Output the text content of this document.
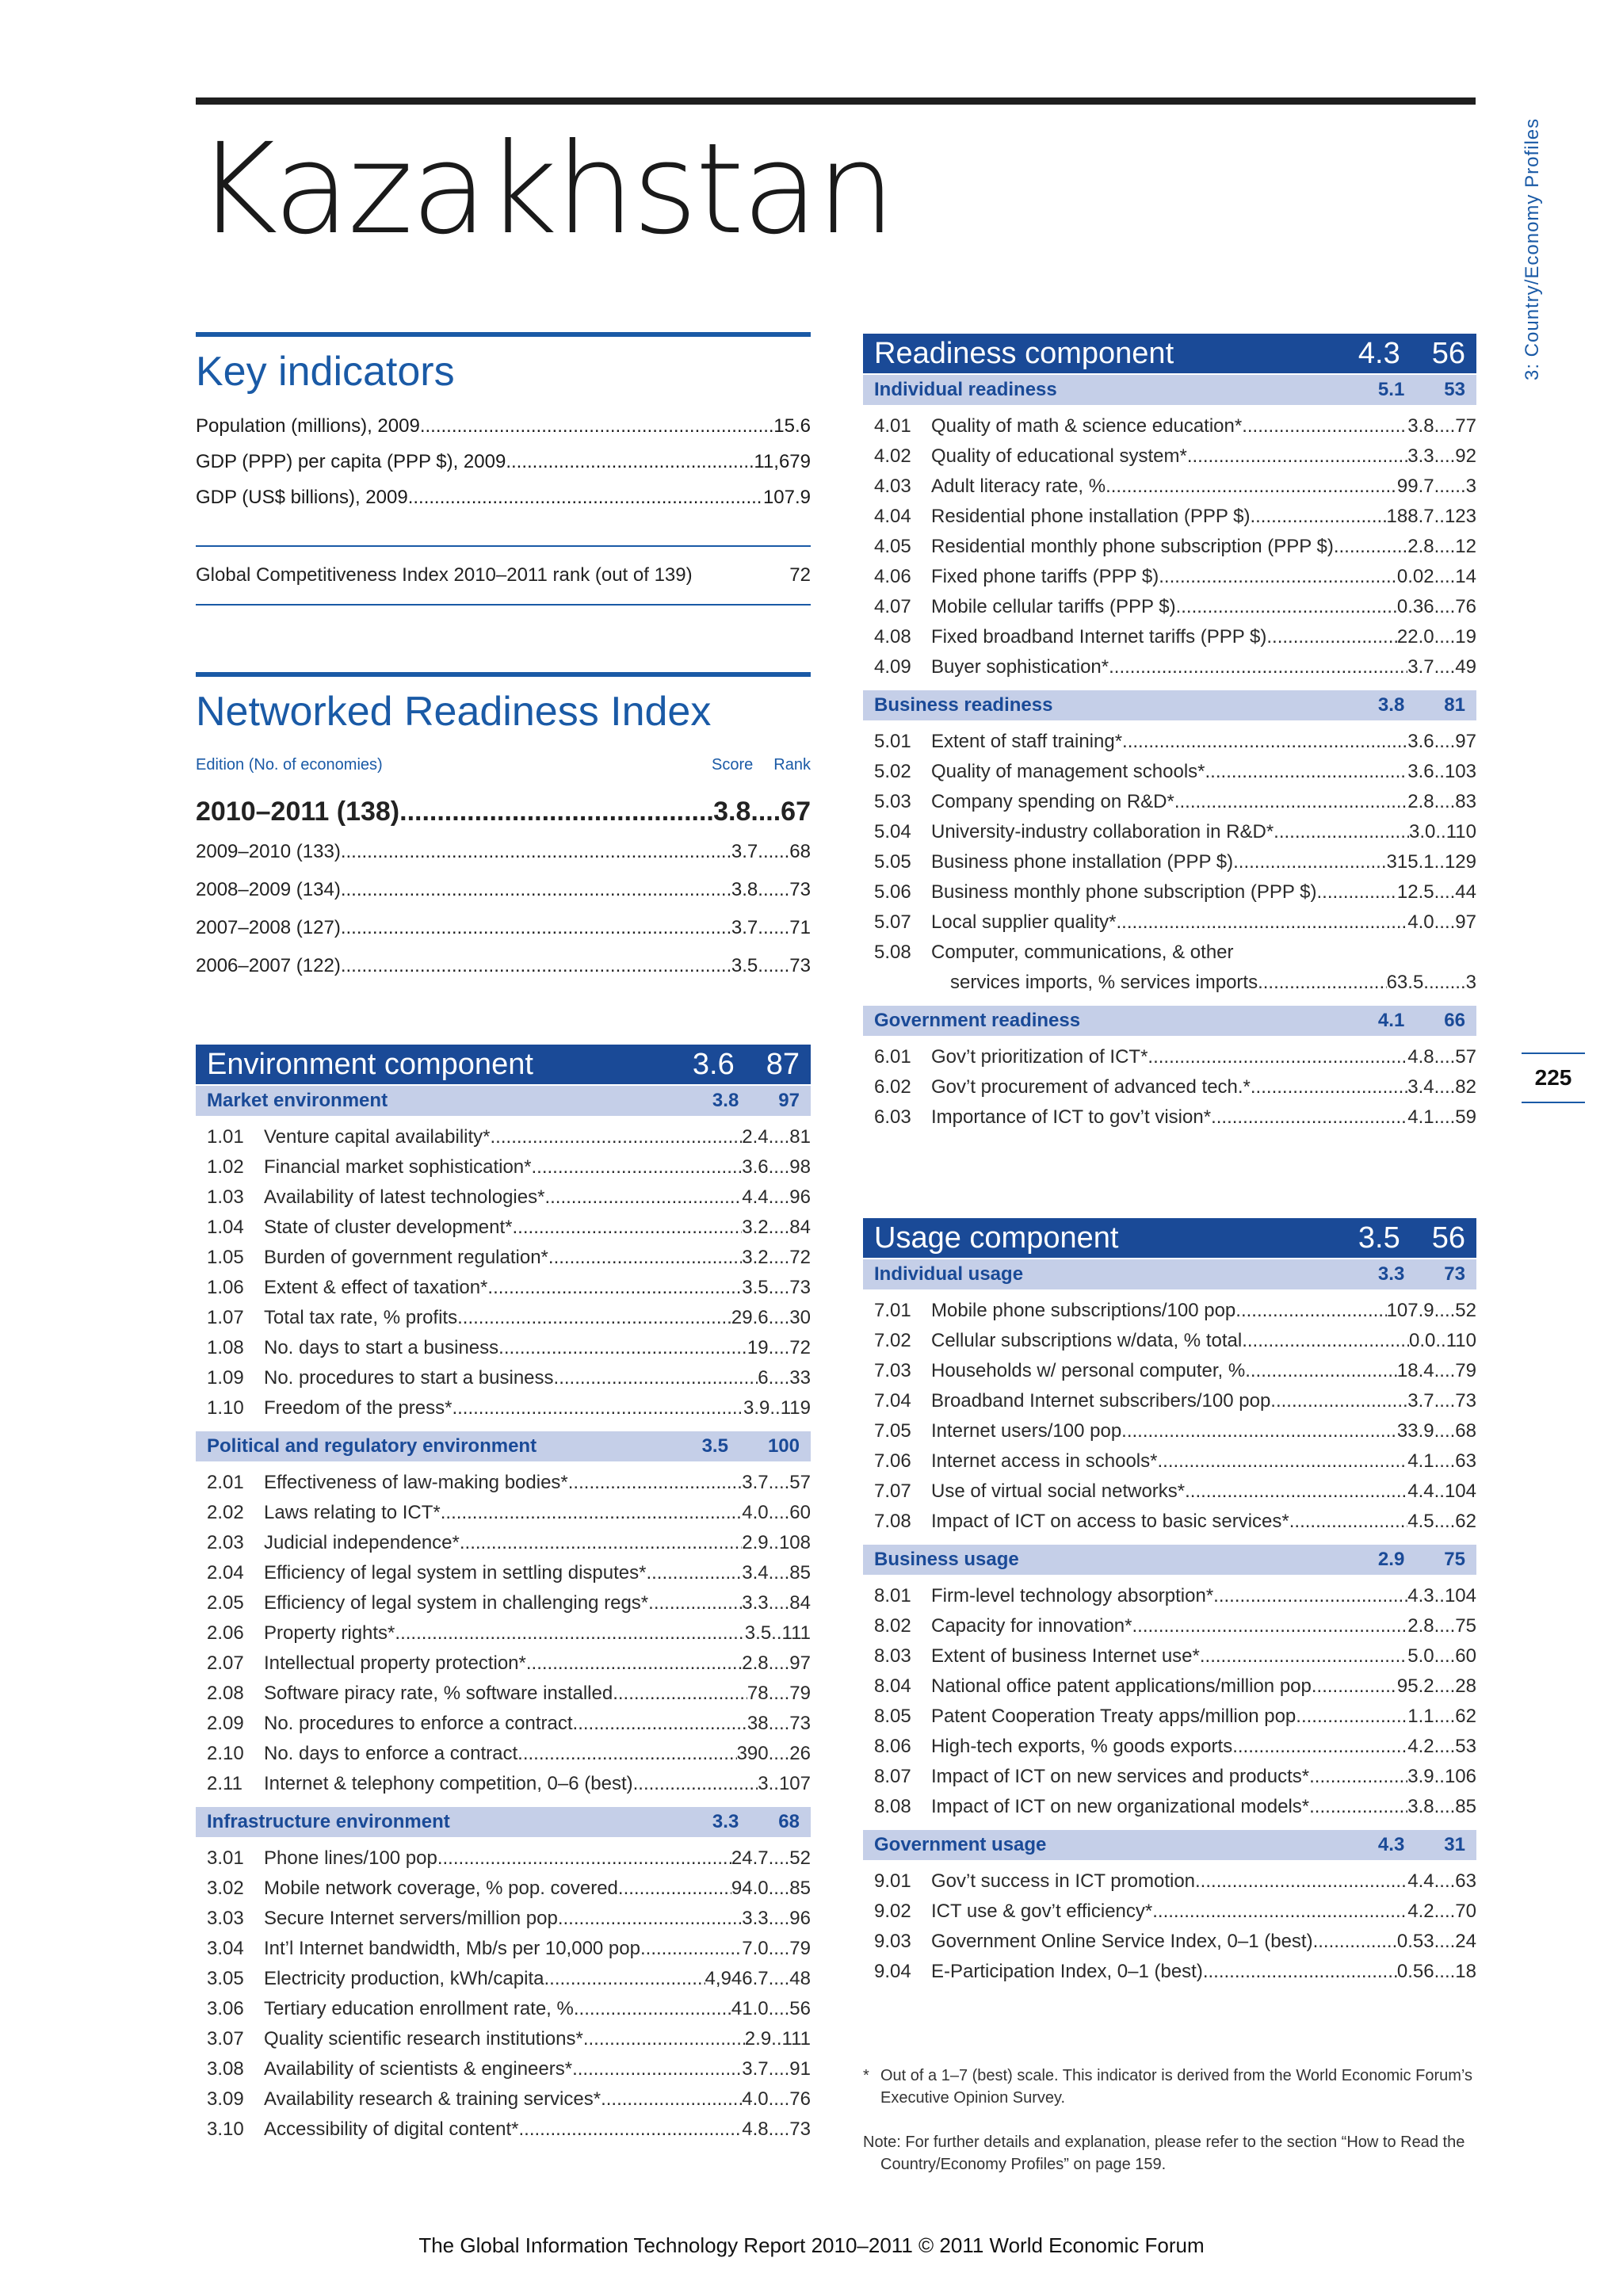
Kazakhstan	3: Country/Economy Profiles
225
Key indicators
Population (millions), 2009 .....	15.6
GDP (PPP) per capita (PPP $), 2009 .....	11,679
GDP (US$ billions), 2009 .....	107.9
Global Competitiveness Index 2010–2011 rank (out of 139)	72
Networked Readiness Index
Edition (No. of economies)	Score Rank
2010–2011 (138) .....	3.8 .... 67
2009–2010 (133) .....	3.7 ...... 68
2008–2009 (134) .....	3.8 ...... 73
2007–2008 (127) .....	3.7 ...... 71
2006–2007 (122) .....	3.5 ...... 73
Environment component	3.6 87
Market environment	3.8 97
1.01	Venture capital availability* .....	2.4 .... 81
1.02	Financial market sophistication* .....	3.6 .... 98
1.03	Availability of latest technologies* .....	4.4 .... 96
1.04	State of cluster development* .....	3.2 .... 84
1.05	Burden of government regulation* .....	3.2 .... 72
1.06	Extent & effect of taxation* .....	3.5 .... 73
1.07	Total tax rate, % profits .....	29.6 .... 30
1.08	No. days to start a business .....	19 .... 72
1.09	No. procedures to start a business .....	6 .... 33
1.10	Freedom of the press* .....	3.9 .. 119
Political and regulatory environment	3.5 100
2.01	Effectiveness of law-making bodies* .....	3.7 .... 57
2.02	Laws relating to ICT* .....	4.0 .... 60
2.03	Judicial independence* .....	2.9 .. 108
2.04	Efficiency of legal system in settling disputes* .....	3.4 .... 85
2.05	Efficiency of legal system in challenging regs* .....	3.3 .... 84
2.06	Property rights* .....	3.5 .. 111
2.07	Intellectual property protection* .....	2.8 .... 97
2.08	Software piracy rate, % software installed .....	78 .... 79
2.09	No. procedures to enforce a contract .....	38 .... 73
2.10	No. days to enforce a contract .....	390 .... 26
2.11	Internet & telephony competition, 0–6 (best) .....	3 .. 107
Infrastructure environment	3.3 68
3.01	Phone lines/100 pop. .....	24.7 .... 52
3.02	Mobile network coverage, % pop. covered .....	94.0 .... 85
3.03	Secure Internet servers/million pop. .....	3.3 .... 96
3.04	Int’l Internet bandwidth, Mb/s per 10,000 pop .....	7.0 .... 79
3.05	Electricity production, kWh/capita .....	4,946.7 .... 48
3.06	Tertiary education enrollment rate, % .....	41.0 .... 56
3.07	Quality scientific research institutions* .....	2.9 .. 111
3.08	Availability of scientists & engineers* .....	3.7 .... 91
3.09	Availability research & training services* .....	4.0 .... 76
3.10	Accessibility of digital content* .....	4.8 .... 73
Readiness component	4.3 56
Individual readiness	5.1 53
4.01	Quality of math & science education* .....	3.8 .... 77
4.02	Quality of educational system* .....	3.3 .... 92
4.03	Adult literacy rate, % .....	99.7 ...... 3
4.04	Residential phone installation (PPP $) .....	188.7 .. 123
4.05	Residential monthly phone subscription (PPP $) .....	2.8 .... 12
4.06	Fixed phone tariffs (PPP $) .....	0.02 .... 14
4.07	Mobile cellular tariffs (PPP $) .....	0.36 .... 76
4.08	Fixed broadband Internet tariffs (PPP $) .....	22.0 .... 19
4.09	Buyer sophistication* .....	3.7 .... 49
Business readiness	3.8 81
5.01	Extent of staff training* .....	3.6 .... 97
5.02	Quality of management schools* .....	3.6 .. 103
5.03	Company spending on R&D* .....	2.8 .... 83
5.04	University-industry collaboration in R&D* .....	3.0 .. 110
5.05	Business phone installation (PPP $) .....	315.1 .. 129
5.06	Business monthly phone subscription (PPP $) .....	12.5 .... 44
5.07	Local supplier quality* .....	4.0 .... 97
5.08	Computer, communications, & other
services imports, % services imports .....	63.5 ........ 3
Government readiness	4.1 66
6.01	Gov’t prioritization of ICT* .....	4.8 .... 57
6.02	Gov’t procurement of advanced tech.* .....	3.4 .... 82
6.03	Importance of ICT to gov’t vision* .....	4.1 .... 59
Usage component	3.5 56
Individual usage	3.3 73
7.01	Mobile phone subscriptions/100 pop. .....	107.9 .... 52
7.02	Cellular subscriptions w/data, % total .....	0.0 .. 110
7.03	Households w/ personal computer, % .....	18.4 .... 79
7.04	Broadband Internet subscribers/100 pop. .....	3.7 .... 73
7.05	Internet users/100 pop. .....	33.9 .... 68
7.06	Internet access in schools* .....	4.1 .... 63
7.07	Use of virtual social networks* .....	4.4 .. 104
7.08	Impact of ICT on access to basic services* .....	4.5 .... 62
Business usage	2.9 75
8.01	Firm-level technology absorption* .....	4.3 .. 104
8.02	Capacity for innovation* .....	2.8 .... 75
8.03	Extent of business Internet use* .....	5.0 .... 60
8.04	National office patent applications/million pop .....	95.2 .... 28
8.05	Patent Cooperation Treaty apps/million pop .....	1.1 .... 62
8.06	High-tech exports, % goods exports .....	4.2 .... 53
8.07	Impact of ICT on new services and products* .....	3.9 .. 106
8.08	Impact of ICT on new organizational models* .....	3.8 .... 85
Government usage	4.3 31
9.01	Gov’t success in ICT promotion .....	4.4 .... 63
9.02	ICT use & gov’t efficiency* .....	4.2 .... 70
9.03	Government Online Service Index, 0–1 (best) .....	0.53 .... 24
9.04	E-Participation Index, 0–1 (best) .....	0.56 .... 18
* Out of a 1–7 (best) scale. This indicator is derived from the World Economic Forum’s Executive Opinion Survey.
Note: For further details and explanation, please refer to the section “How to Read the Country/Economy Profiles” on page 159.
The Global Information Technology Report 2010–2011 © 2011 World Economic Forum
